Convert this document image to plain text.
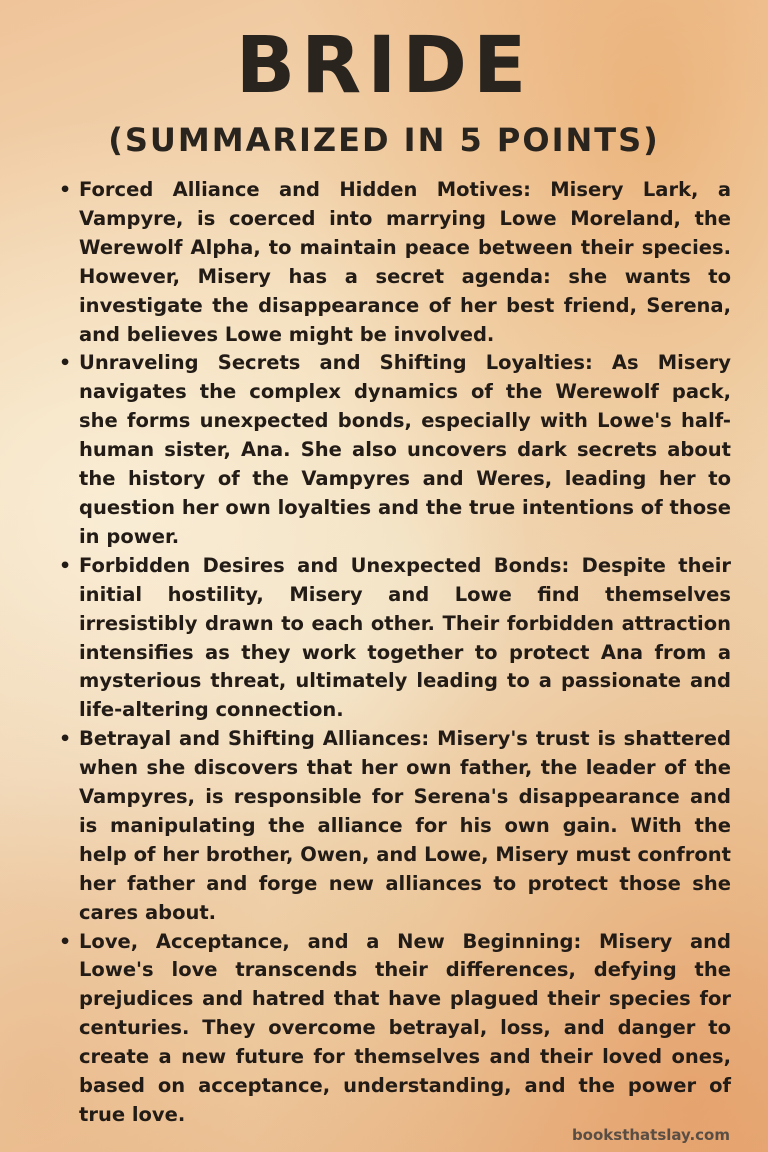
BRIDE
(SUMMARIZED IN 5 POINTS)
• Forced Alliance and Hidden Motives: Misery Lark, a Vampyre, is coerced into marrying Lowe Moreland, the Werewolf Alpha, to maintain peace between their species. However, Misery has a secret agenda: she wants to investigate the disappearance of her best friend, Serena, and believes Lowe might be involved.
• Unraveling Secrets and Shifting Loyalties: As Misery navigates the complex dynamics of the Werewolf pack, she forms unexpected bonds, especially with Lowe's half-human sister, Ana. She also uncovers dark secrets about the history of the Vampyres and Weres, leading her to question her own loyalties and the true intentions of those in power.
• Forbidden Desires and Unexpected Bonds: Despite their initial hostility, Misery and Lowe find themselves irresistibly drawn to each other. Their forbidden attraction intensifies as they work together to protect Ana from a mysterious threat, ultimately leading to a passionate and life-altering connection.
• Betrayal and Shifting Alliances: Misery's trust is shattered when she discovers that her own father, the leader of the Vampyres, is responsible for Serena's disappearance and is manipulating the alliance for his own gain. With the help of her brother, Owen, and Lowe, Misery must confront her father and forge new alliances to protect those she cares about.
• Love, Acceptance, and a New Beginning: Misery and Lowe's love transcends their differences, defying the prejudices and hatred that have plagued their species for centuries. They overcome betrayal, loss, and danger to create a new future for themselves and their loved ones, based on acceptance, understanding, and the power of true love.
booksthatslay.com
